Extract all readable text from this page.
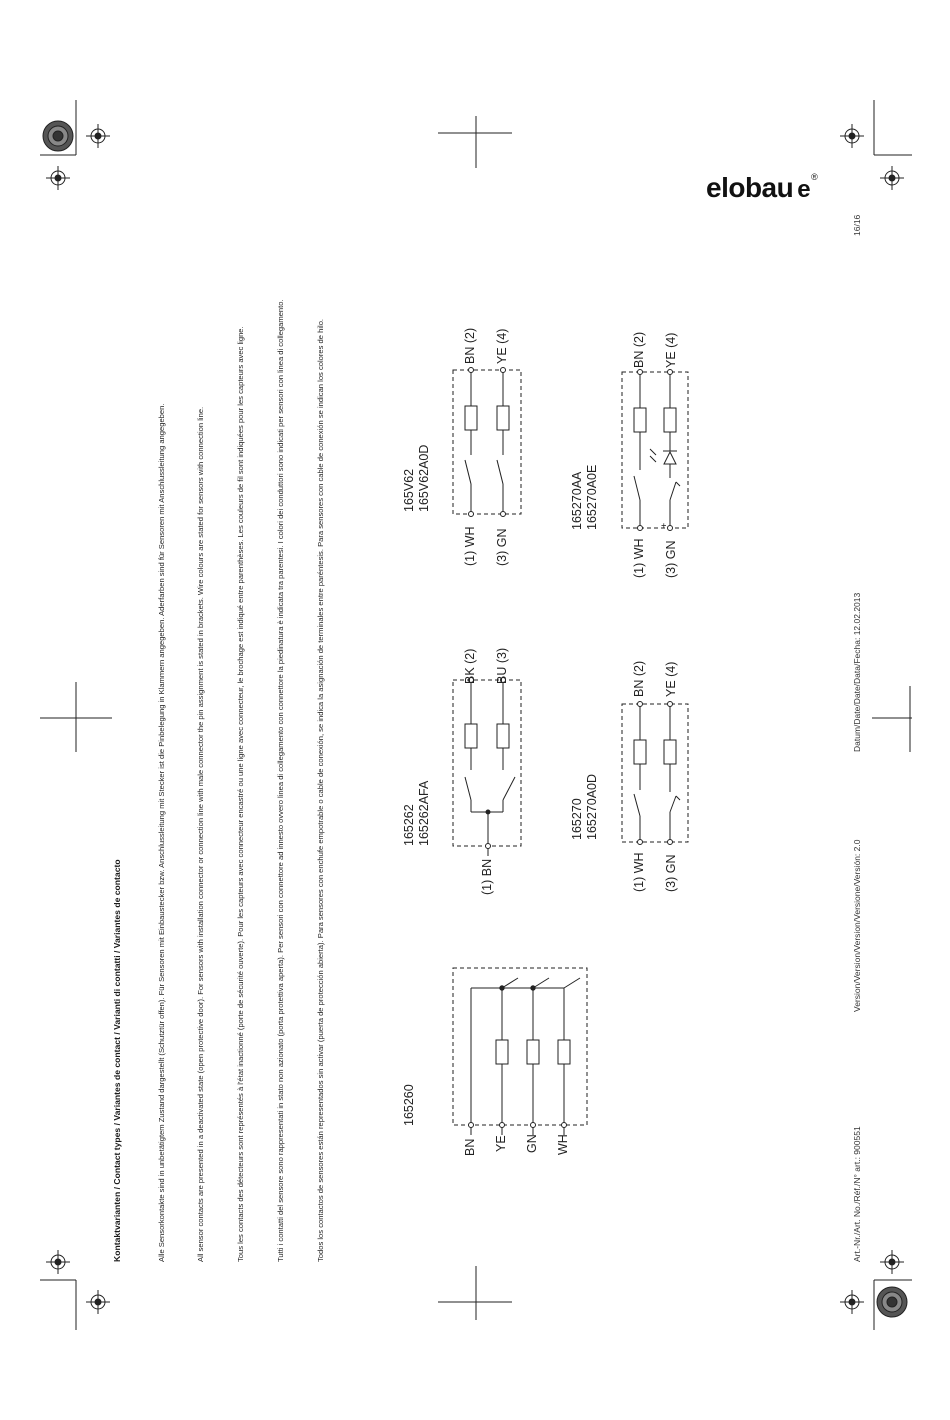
Kontaktvarianten / Contact types / Variantes de contact / Varianti di contatti / Variantes de contacto	Alle Sensorkontakte sind in unbetätigtem Zustand dargestellt (Schutztür offen). Für Sensoren mit Einbaustecker bzw. Anschlussleitung mit Stecker ist die Pinbelegung in Klammern angegeben. Aderfarben sind für Sensoren mit Anschlussleitung angegeben.	All sensor contacts are presented in a deactivated state (open protective door). For sensors with installation connector or connection line with male connector the pin assignment is stated in brackets. Wire colours are stated for sensors with connection line.	Tous les contacts des détecteurs sont représentés à l'état inactionné (porte de sécurité ouverte). Pour les capteurs avec connecteur encastré ou une ligne avec connecteur, le brochage est indiqué entre parenthèses. Les couleurs de fil sont indiquées pour les capteurs avec ligne.	Tutti i contatti del sensore sono rappresentati in stato non azionato (porta protettiva aperta). Per sensori con connettore ad innesto ovvero linea di collegamento con connettore la piedinatura è indicata tra parentesi. I colori dei conduttori sono indicati per sensori con linea di collegamento.	Todos los contactos de sensores están representados sin activar (puerta de protección abierta). Para sensores con enchufe empotrable o cable de conexión, se indica la asignación de terminales entre paréntesis. Para sensores con cable de conexión se indican los colores de hilo.	165260
BN YE GN WH
165262 165262AFA
(1) BN
BK (2) BU (3)
165V62 165V62A0D
(1) WH (3) GN
BN (2) YE (4)
165270 165270A0D
(1) WH (3) GN
BN (2) YE (4)
165270AA 165270A0E
(1) WH (3) GN
BN (2) YE (4)
+
Art.-Nr./Art. No./Réf./N° art.: 900551
Version/Version/Version/Versione/Versión: 2.0
Datum/Date/Date/Data/Fecha: 12.02.2013
16/16
elobau e®
